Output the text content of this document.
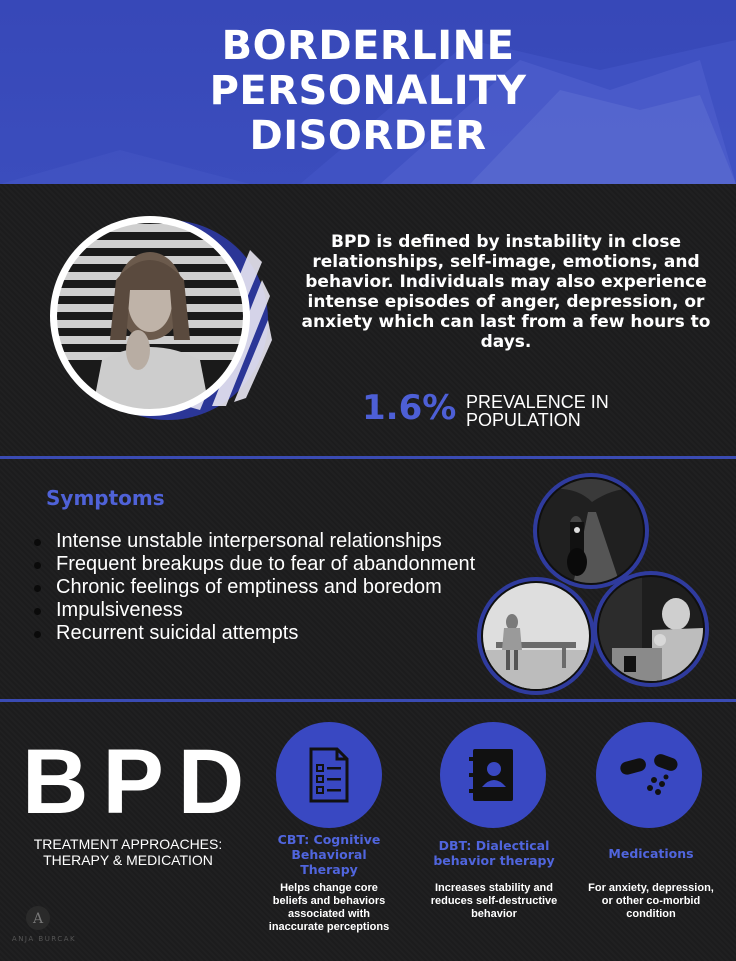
BORDERLINE
PERSONALITY
DISORDER
BPD is defined by instability in close relationships, self-image, emotions, and behavior. Individuals may also experience intense episodes of anger, depression, or anxiety which can last from a few hours to days.
1.6% PREVALENCE IN POPULATION
Symptoms
Intense unstable interpersonal relationships
Frequent breakups due to fear of abandonment
Chronic feelings of emptiness and boredom
Impulsiveness
Recurrent suicidal attempts
BPD
TREATMENT APPROACHES: THERAPY & MEDICATION
CBT: Cognitive Behavioral Therapy
Helps change core beliefs and behaviors associated with inaccurate perceptions
DBT: Dialectical behavior therapy
Increases stability and reduces self-destructive behavior
Medications
For anxiety, depression, or other co-morbid condition
A
ANJA BURCAK
